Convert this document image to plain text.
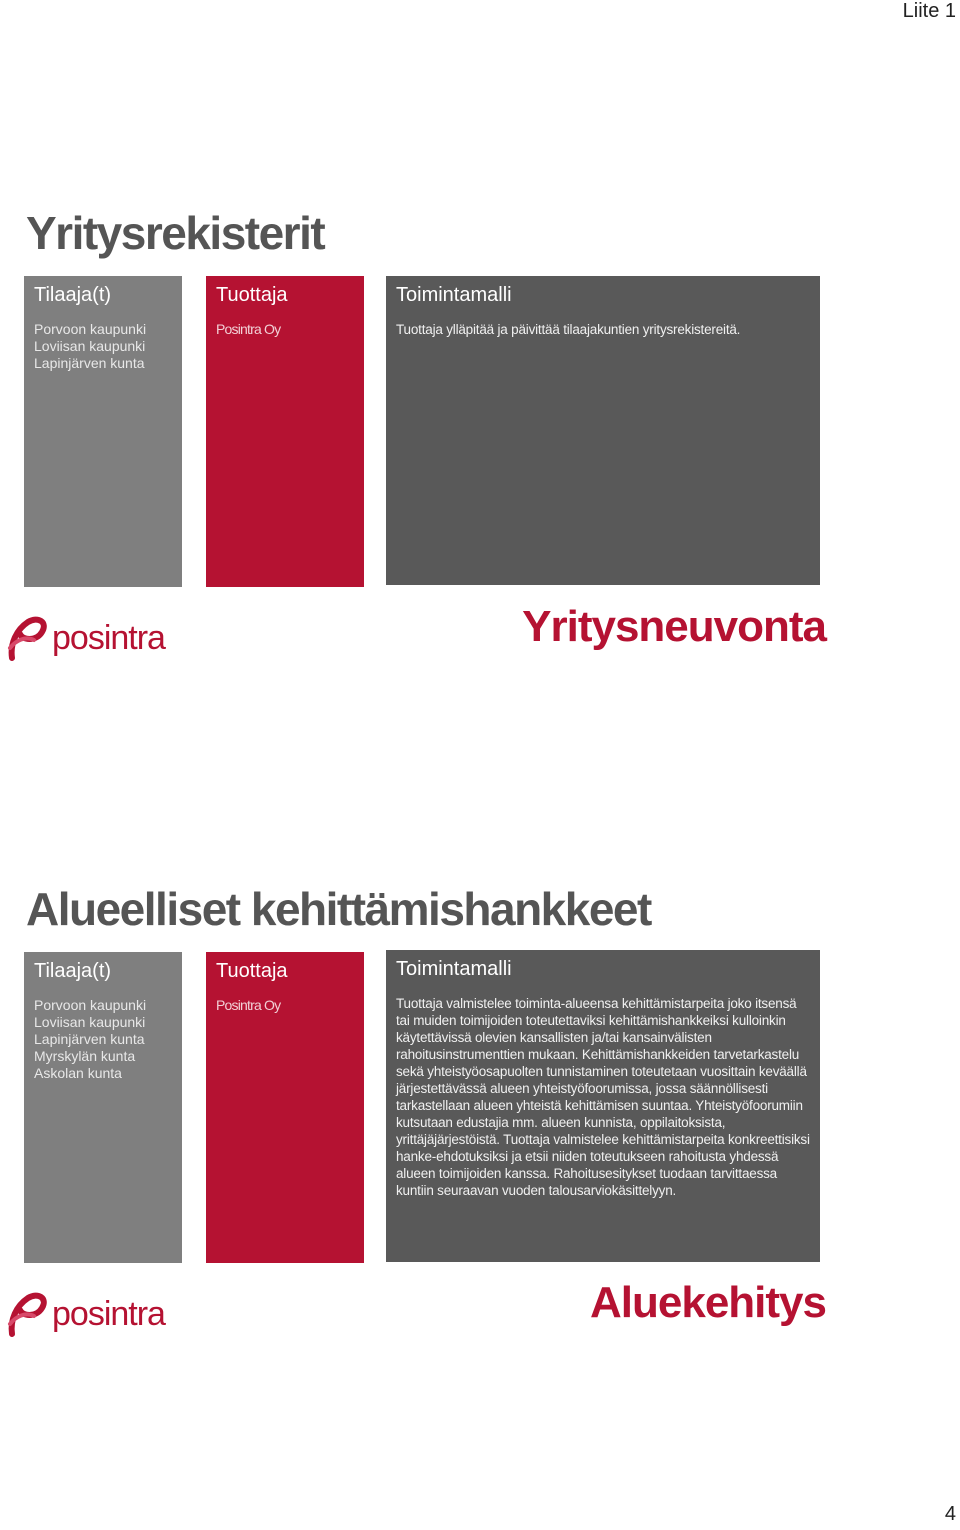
Liite 1
Yritysrekisterit
Tilaaja(t)
Porvoon kaupunki
Loviisan kaupunki
Lapinjärven kunta
Tuottaja
Posintra Oy
Toimintamalli
Tuottaja ylläpitää ja päivittää tilaajakuntien yritysrekistereitä.
posintra	Yritysneuvonta
Alueelliset kehittämishankkeet
Tilaaja(t)
Porvoon kaupunki
Loviisan kaupunki
Lapinjärven kunta
Myrskylän kunta
Askolan kunta
Tuottaja
Posintra Oy
Toimintamalli
Tuottaja valmistelee toiminta-alueensa kehittämistarpeita joko itsensä tai muiden toimijoiden toteutettaviksi kehittämishankkeiksi kulloinkin käytettävissä olevien kansallisten ja/tai kansainvälisten rahoitusinstrumenttien mukaan. Kehittämishankkeiden tarvetarkastelu sekä yhteistyöosapuolten tunnistaminen toteutetaan vuosittain keväällä järjestettävässä alueen yhteistyöfoorumissa, jossa säännöllisesti tarkastellaan alueen yhteistä kehittämisen suuntaa. Yhteistyöfoorumiin kutsutaan edustajia mm. alueen kunnista, oppilaitoksista, yrittäjäjärjestöistä. Tuottaja valmistelee kehittämistarpeita konkreettisiksi hanke-ehdotuksiksi ja etsii niiden toteutukseen rahoitusta yhdessä alueen toimijoiden kanssa. Rahoitusesitykset tuodaan tarvittaessa kuntiin seuraavan vuoden talousarviokäsittelyyn.
posintra	Aluekehitys
4
